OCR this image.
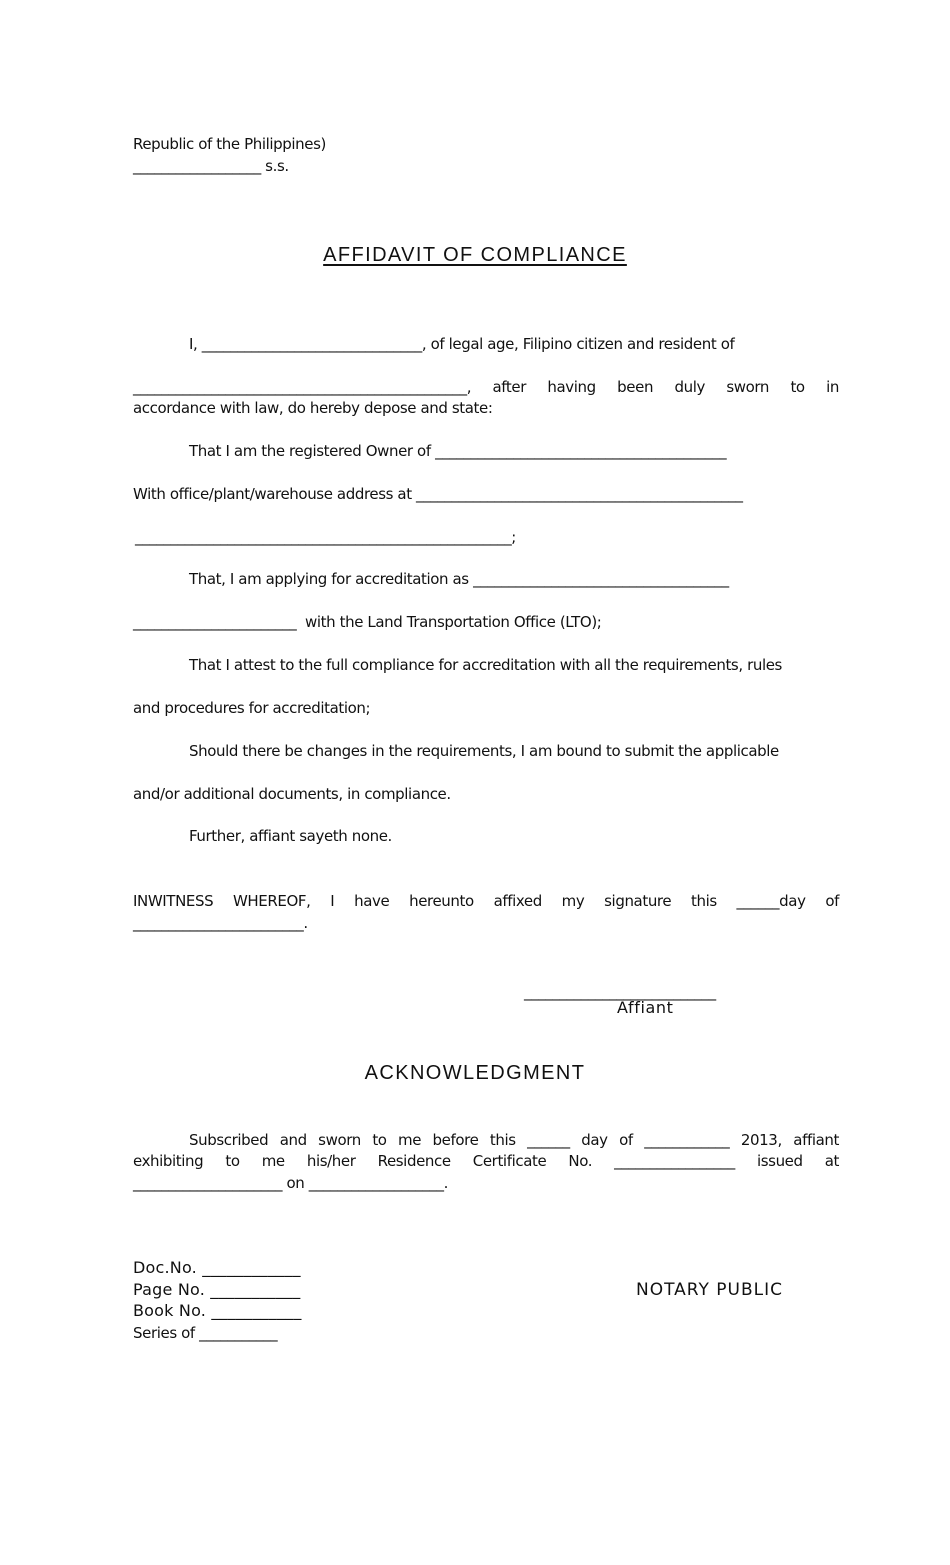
Republic of the Philippines)

__________________ s.s.

AFFIDAVIT OF COMPLIANCE

I, _______________________________, of legal age, Filipino citizen and resident of

_______________________________________________, after having been duly sworn to in

accordance with law, do hereby depose and state:

That I am the registered Owner of _________________________________________

With office/plant/warehouse address at ______________________________________________

_____________________________________________________;

That, I am applying for accreditation as ____________________________________

_______________________  with the Land Transportation Office (LTO);

That I attest to the full compliance for accreditation with all the requirements, rules

and procedures for accreditation;

Should there be changes in the requirements, I am bound to submit the applicable

and/or additional documents, in compliance.

Further, affiant sayeth none.

INWITNESS WHEREOF, I have hereunto affixed my signature this ______day of

________________________.

___________________________

Affiant

ACKNOWLEDGMENT

Subscribed and sworn to me before this ______ day of ____________ 2013, affiant

exhibiting to me his/her Residence Certificate No. _________________ issued at

_____________________ on ___________________.

Doc.No. ____________

Page No. ___________

Book No. ___________

Series of ___________

NOTARY PUBLIC
